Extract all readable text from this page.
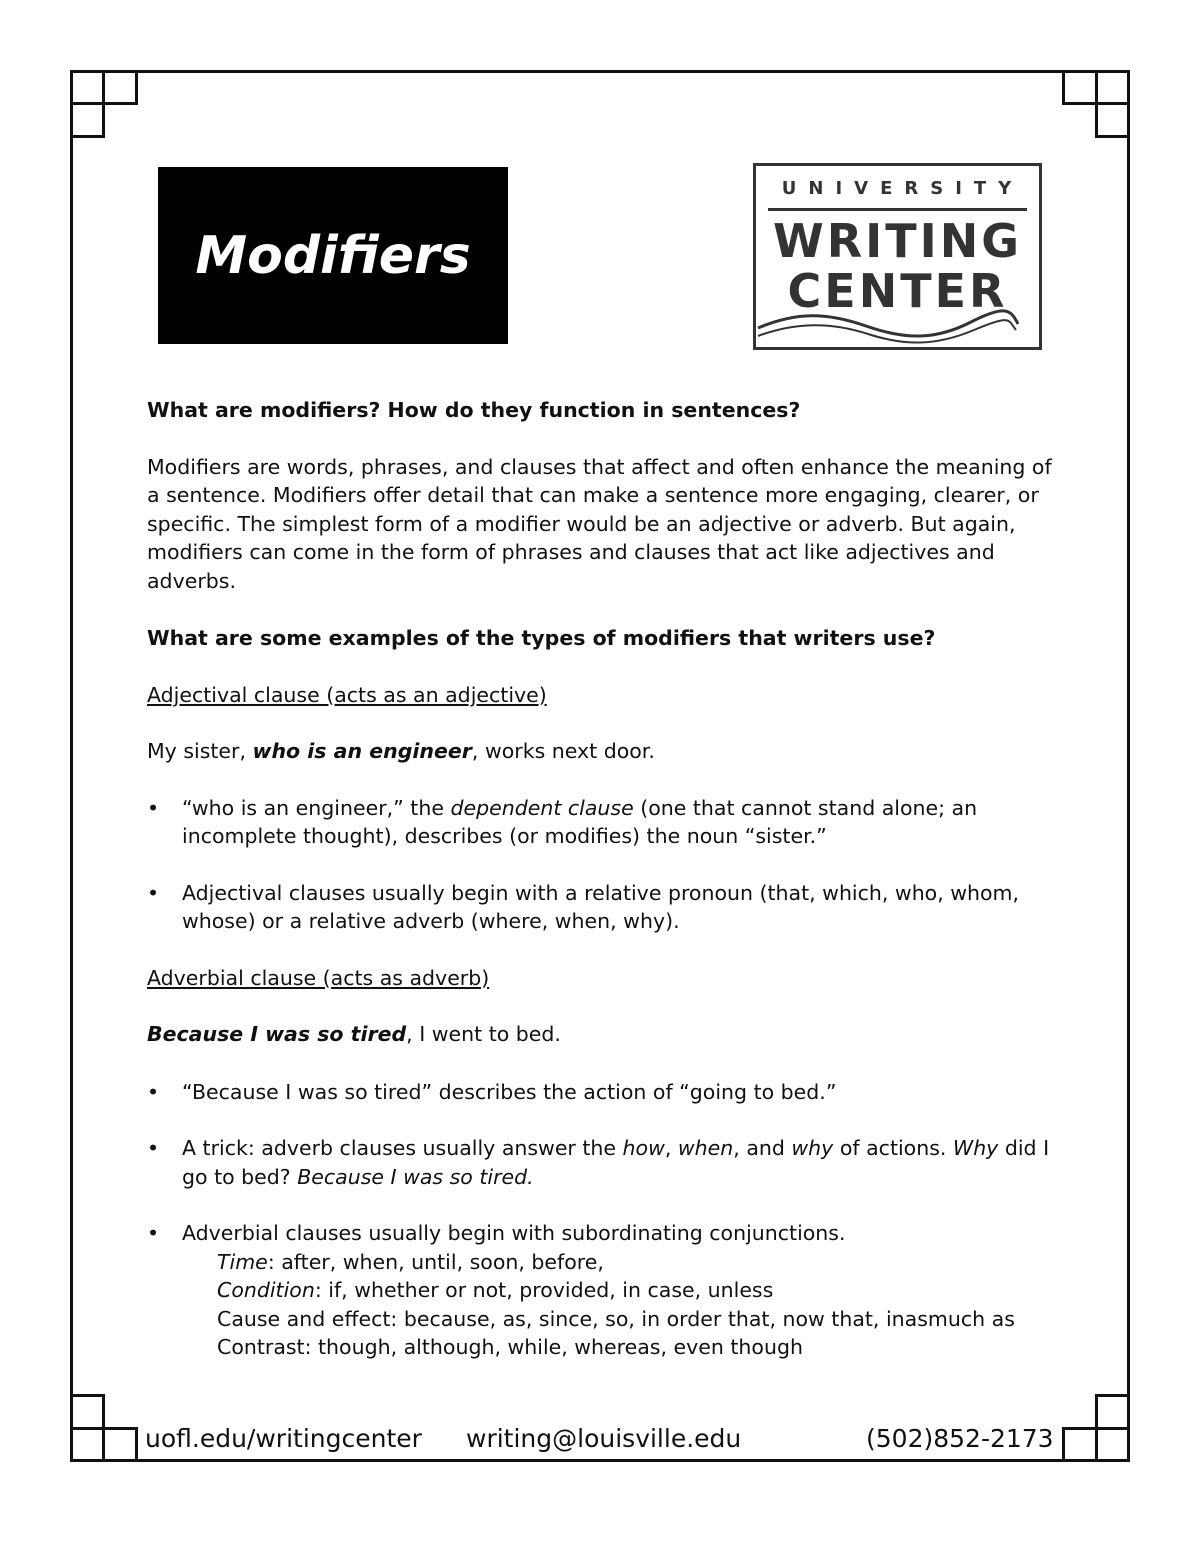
Modifiers
UNIVERSITY
WRITING
CENTER

What are modifiers? How do they function in sentences?

Modifiers are words, phrases, and clauses that affect and often enhance the meaning of a sentence. Modifiers offer detail that can make a sentence more engaging, clearer, or specific. The simplest form of a modifier would be an adjective or adverb. But again, modifiers can come in the form of phrases and clauses that act like adjectives and adverbs.

What are some examples of the types of modifiers that writers use?

Adjectival clause (acts as an adjective)

My sister, who is an engineer, works next door.

• “who is an engineer,” the dependent clause (one that cannot stand alone; an incomplete thought), describes (or modifies) the noun “sister.”
• Adjectival clauses usually begin with a relative pronoun (that, which, who, whom, whose) or a relative adverb (where, when, why).

Adverbial clause (acts as adverb)

Because I was so tired, I went to bed.

• “Because I was so tired” describes the action of “going to bed.”
• A trick: adverb clauses usually answer the how, when, and why of actions. Why did I go to bed? Because I was so tired.
• Adverbial clauses usually begin with subordinating conjunctions.
Time: after, when, until, soon, before,
Condition: if, whether or not, provided, in case, unless
Cause and effect: because, as, since, so, in order that, now that, inasmuch as
Contrast: though, although, while, whereas, even though
uofl.edu/writingcenter writing@louisville.edu	(502)852-2173
